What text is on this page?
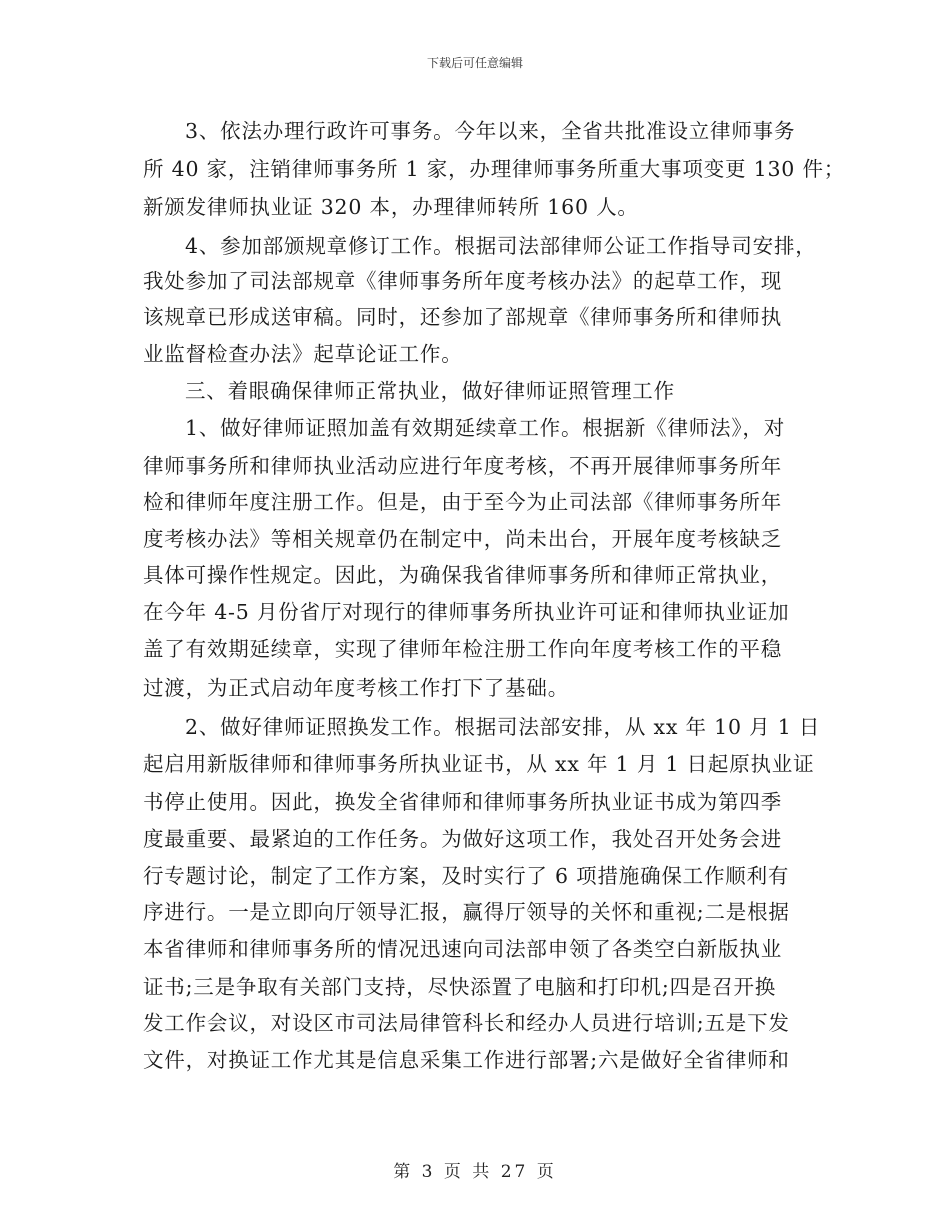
下载后可任意编辑
3、依法办理行政许可事务。今年以来，全省共批准设立律师事务
所 40 家，注销律师事务所 1 家，办理律师事务所重大事项变更 130 件；
新颁发律师执业证 320 本，办理律师转所 160 人。
4、参加部颁规章修订工作。根据司法部律师公证工作指导司安排，
我处参加了司法部规章《律师事务所年度考核办法》的起草工作，现
该规章已形成送审稿。同时，还参加了部规章《律师事务所和律师执
业监督检查办法》起草论证工作。
三、着眼确保律师正常执业，做好律师证照管理工作
1、做好律师证照加盖有效期延续章工作。根据新《律师法》，对
律师事务所和律师执业活动应进行年度考核，不再开展律师事务所年
检和律师年度注册工作。但是，由于至今为止司法部《律师事务所年
度考核办法》等相关规章仍在制定中，尚未出台，开展年度考核缺乏
具体可操作性规定。因此，为确保我省律师事务所和律师正常执业，
在今年 4-5 月份省厅对现行的律师事务所执业许可证和律师执业证加
盖了有效期延续章，实现了律师年检注册工作向年度考核工作的平稳
过渡，为正式启动年度考核工作打下了基础。
2、做好律师证照换发工作。根据司法部安排，从 xx 年 10 月 1 日
起启用新版律师和律师事务所执业证书，从 xx 年 1 月 1 日起原执业证
书停止使用。因此，换发全省律师和律师事务所执业证书成为第四季
度最重要、最紧迫的工作任务。为做好这项工作，我处召开处务会进
行专题讨论，制定了工作方案，及时实行了 6 项措施确保工作顺利有
序进行。一是立即向厅领导汇报，赢得厅领导的关怀和重视;二是根据
本省律师和律师事务所的情况迅速向司法部申领了各类空白新版执业
证书;三是争取有关部门支持，尽快添置了电脑和打印机;四是召开换
发工作会议，对设区市司法局律管科长和经办人员进行培训;五是下发
文件，对换证工作尤其是信息采集工作进行部署;六是做好全省律师和
第 3 页 共 27 页
